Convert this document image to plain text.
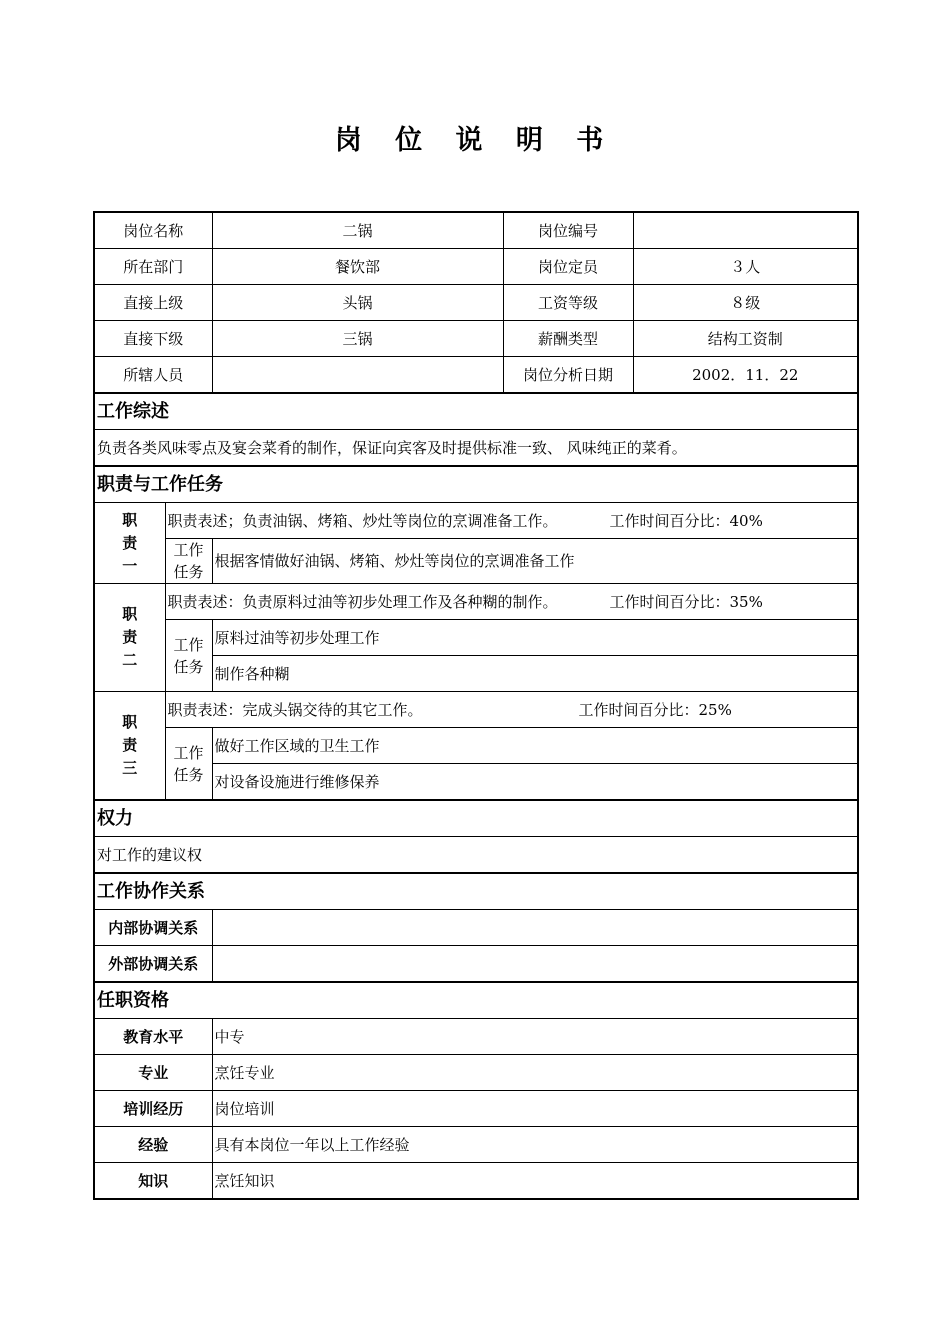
岗 位 说 明 书
岗位名称		二锅	岗位编号	
所在部门		餐饮部	岗位定员	３人
直接上级		头锅	工资等级	８级
直接下级		三锅	薪酬类型	结构工资制
所辖人员			岗位分析日期	2002．11．22
工作综述				
负责各类风味零点及宴会菜肴的制作，保证向宾客及时提供标准一致、 风味纯正的菜肴。				
职责与工作任务				
职责一	职责表述；负责油锅、烤箱、炒灶等岗位的烹调准备工作。 工作时间百分比：40%			
	工作任务	根据客情做好油锅、烤箱、炒灶等岗位的烹调准备工作		
职责二	职责表述：负责原料过油等初步处理工作及各种糊的制作。 工作时间百分比：35%			
	工作任务	原料过油等初步处理工作		
		制作各种糊		
职责三	职责表述：完成头锅交待的其它工作。 工作时间百分比：25%			
	工作任务	做好工作区域的卫生工作		
		对设备设施进行维修保养		
权力				
对工作的建议权				
工作协作关系				
内部协调关系				
外部协调关系				
任职资格				
教育水平		中专		
专业		烹饪专业		
培训经历		岗位培训		
经验		具有本岗位一年以上工作经验		
知识		烹饪知识		
